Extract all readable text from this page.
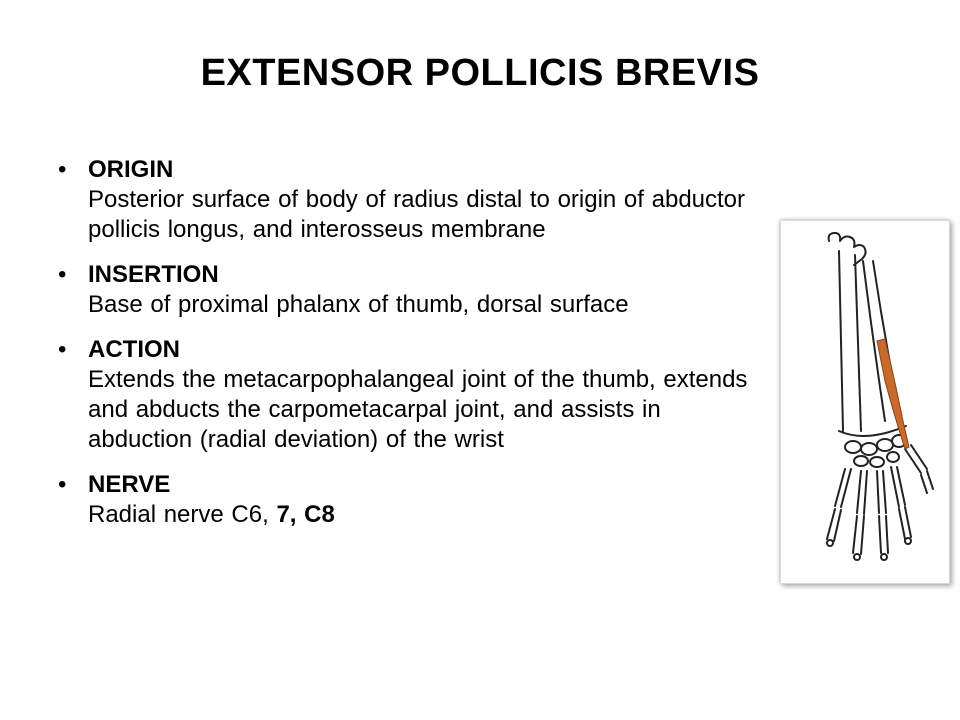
EXTENSOR POLLICIS BREVIS
• ORIGIN
Posterior surface of body of radius distal to origin of abductor pollicis longus, and interosseus membrane
• INSERTION
Base of proximal phalanx of thumb, dorsal surface
• ACTION
Extends the metacarpophalangeal joint of the thumb, extends and abducts the carpometacarpal joint, and assists in abduction (radial deviation) of the wrist
• NERVE
Radial nerve C6, 7, C8
